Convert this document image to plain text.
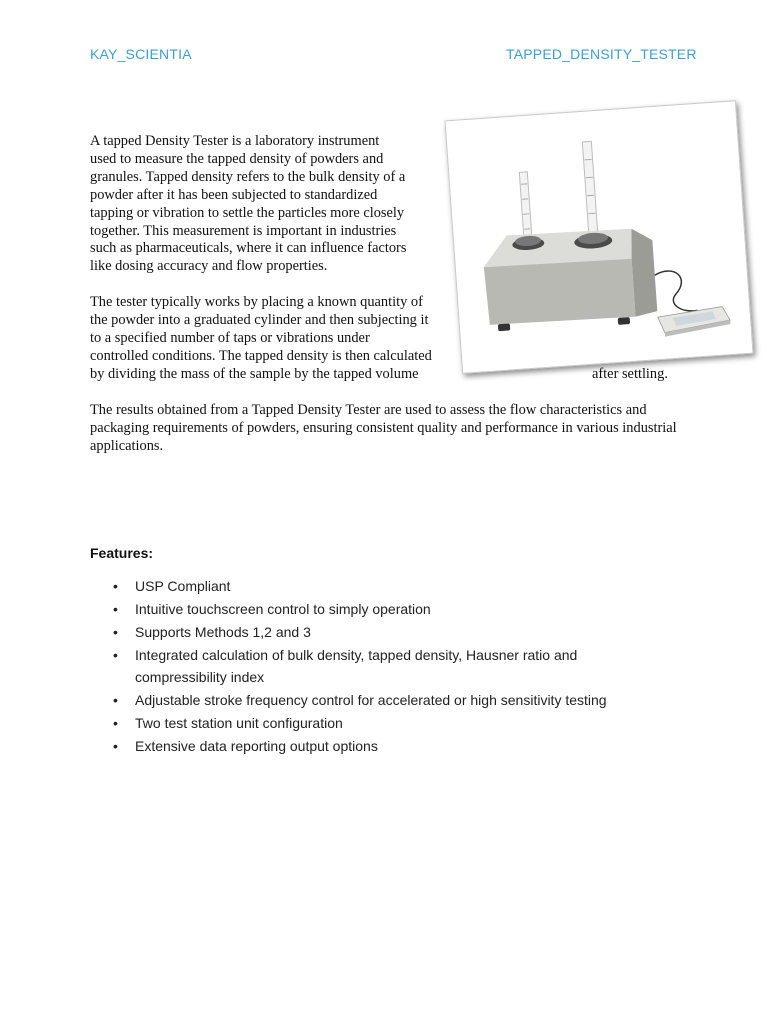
KAY_SCIENTIA	TAPPED_DENSITY_TESTER

A tapped Density Tester is a laboratory instrument
used to measure the tapped density of powders and
granules. Tapped density refers to the bulk density of a
powder after it has been subjected to standardized
tapping or vibration to settle the particles more closely
together. This measurement is important in industries
such as pharmaceuticals, where it can influence factors
like dosing accuracy and flow properties.

The tester typically works by placing a known quantity of
the powder into a graduated cylinder and then subjecting it
to a specified number of taps or vibrations under
controlled conditions. The tapped density is then calculated
by dividing the mass of the sample by the tapped volume	after settling.

The results obtained from a Tapped Density Tester are used to assess the flow characteristics and packaging requirements of powders, ensuring consistent quality and performance in various industrial applications.

Features:

• USP Compliant
• Intuitive touchscreen control to simply operation
• Supports Methods 1,2 and 3
• Integrated calculation of bulk density, tapped density, Hausner ratio and compressibility index
• Adjustable stroke frequency control for accelerated or high sensitivity testing
• Two test station unit configuration
• Extensive data reporting output options
